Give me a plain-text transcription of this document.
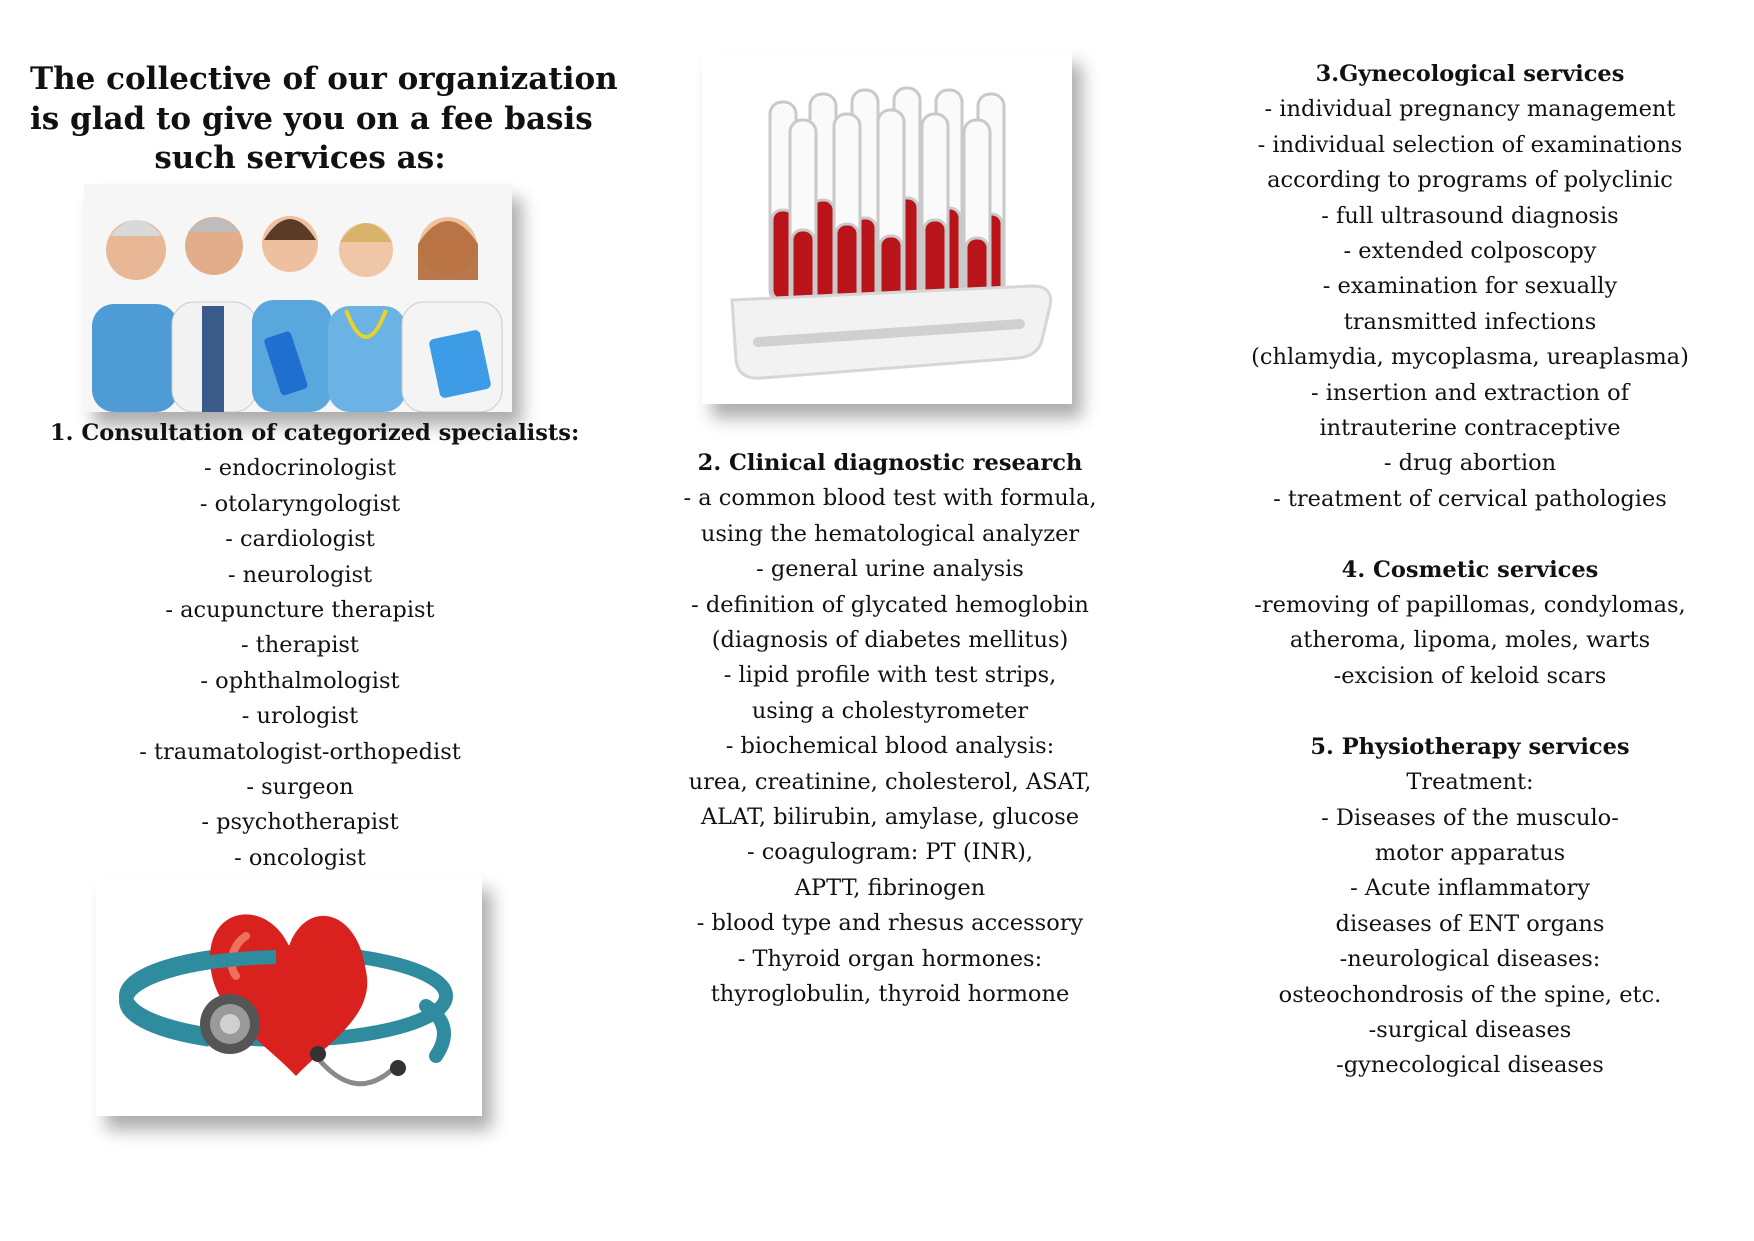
The collective of our organization
is glad to give you on a fee basis
such services as:
1. Consultation of categorized specialists:
- endocrinologist
- otolaryngologist
- cardiologist
- neurologist
- acupuncture therapist
- therapist
- ophthalmologist
- urologist
- traumatologist-orthopedist
- surgeon
- psychotherapist
- oncologist
2. Clinical diagnostic research
- a common blood test with formula,
using the hematological analyzer
- general urine analysis
- definition of glycated hemoglobin
(diagnosis of diabetes mellitus)
- lipid profile with test strips,
using a cholestyrometer
- biochemical blood analysis:
urea, creatinine, cholesterol, ASAT,
ALAT, bilirubin, amylase, glucose
- coagulogram: PT (INR),
APTT, fibrinogen
- blood type and rhesus accessory
- Thyroid organ hormones:
thyroglobulin, thyroid hormone
3.Gynecological services
- individual pregnancy management
- individual selection of examinations
according to programs of polyclinic
- full ultrasound diagnosis
- extended colposcopy
- examination for sexually
transmitted infections
(chlamydia, mycoplasma, ureaplasma)
- insertion and extraction of
intrauterine contraceptive
- drug abortion
- treatment of cervical pathologies
4. Cosmetic services
-removing of papillomas, condylomas,
atheroma, lipoma, moles, warts
-excision of keloid scars
5. Physiotherapy services
Treatment:
- Diseases of the musculo-
motor apparatus
- Acute inflammatory
diseases of ENT organs
-neurological diseases:
osteochondrosis of the spine, etc.
-surgical diseases
-gynecological diseases
